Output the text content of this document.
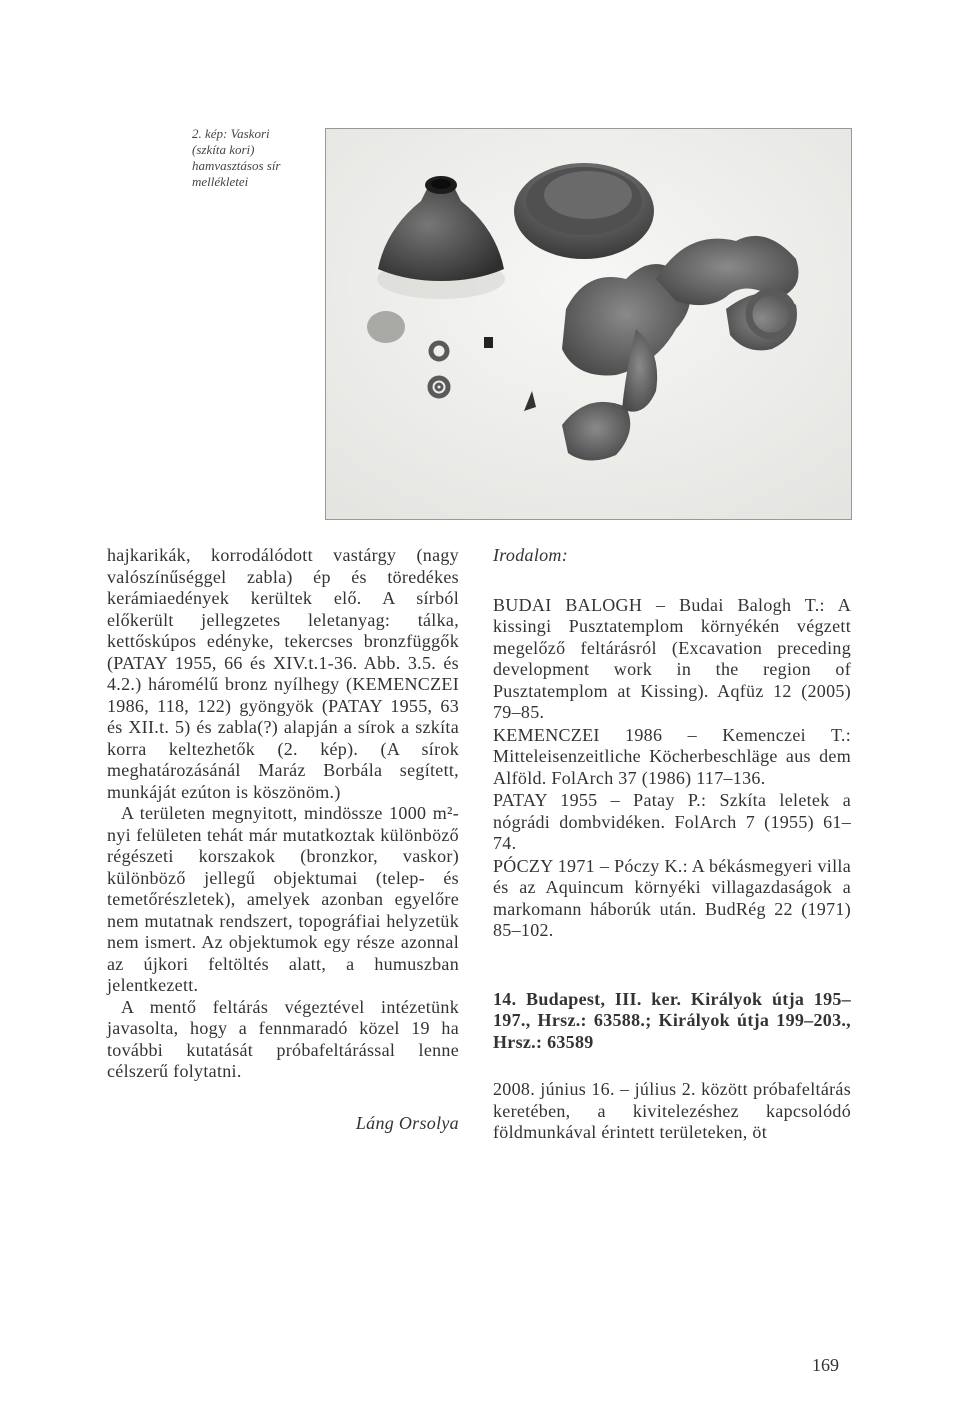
2. kép: Vaskori (szkíta kori) hamvasztásos sír mellékletei

hajkarikák, korrodálódott vastárgy (nagy valószínűséggel zabla) ép és töredékes kerámiaedények kerültek elő. A sírból előkerült jellegzetes leletanyag: tálka, kettőskúpos edényke, tekercses bronzfüggők (PATAY 1955, 66 és XIV.t.1-36. Abb. 3.5. és 4.2.) háromélű bronz nyílhegy (KEMENCZEI 1986, 118, 122) gyöngyök (PATAY 1955, 63 és XII.t. 5) és zabla(?) alapján a sírok a szkíta korra keltezhetők (2. kép). (A sírok meghatározásánál Maráz Borbála segített, munkáját ezúton is köszönöm.)

A területen megnyitott, mindössze 1000 m²-nyi felületen tehát már mutatkoztak különböző régészeti korszakok (bronzkor, vaskor) különböző jellegű objektumai (telep- és temetőrészletek), amelyek azonban egyelőre nem mutatnak rendszert, topográfiai helyzetük nem ismert. Az objektumok egy része azonnal az újkori feltöltés alatt, a humuszban jelentkezett.

A mentő feltárás végeztével intézetünk javasolta, hogy a fennmaradó közel 19 ha további kutatását próbafeltárással lenne célszerű folytatni.

Láng Orsolya

Irodalom:

BUDAI BALOGH – Budai Balogh T.: A kissingi Pusztatemplom környékén végzett megelőző feltárásról (Excavation preceding development work in the region of Pusztatemplom at Kissing). Aqfüz 12 (2005) 79–85.

KEMENCZEI 1986 – Kemenczei T.: Mitteleisenzeitliche Köcherbeschläge aus dem Alföld. FolArch 37 (1986) 117–136.

PATAY 1955 – Patay P.: Szkíta leletek a nógrádi dombvidéken. FolArch 7 (1955) 61–74.

PÓCZY 1971 – Póczy K.: A békásmegyeri villa és az Aquincum környéki villagazdaságok a markomann háborúk után. BudRég 22 (1971) 85–102.

14. Budapest, III. ker. Királyok útja 195–197., Hrsz.: 63588.; Királyok útja 199–203., Hrsz.: 63589

2008. június 16. – július 2. között próbafeltárás keretében, a kivitelezéshez kapcsolódó földmunkával érintett területeken, öt

169
